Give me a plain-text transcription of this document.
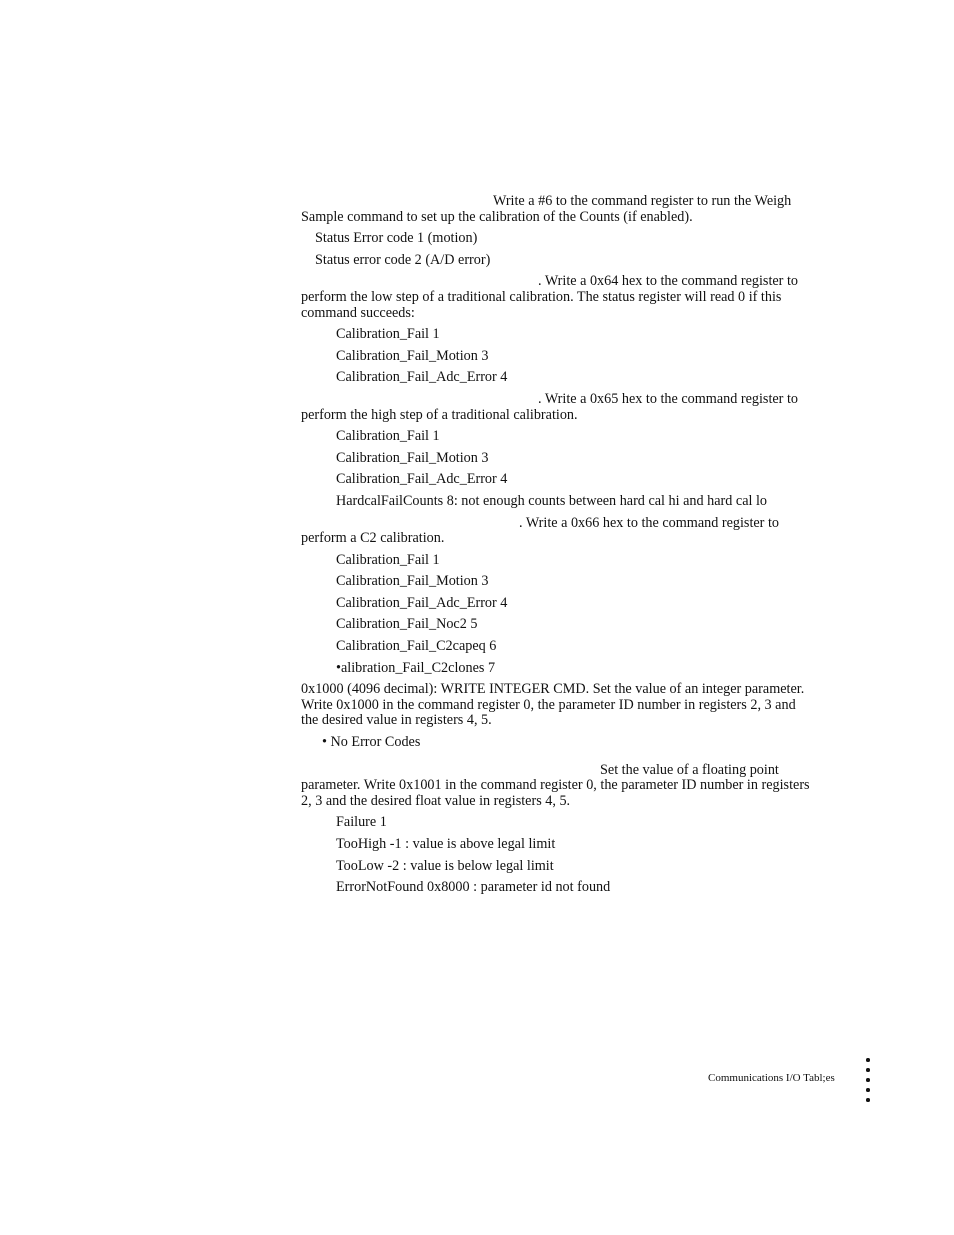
Write a #6 to the command register to run the Weigh
Sample command to set up the calibration of the Counts (if enabled).
Status Error code 1 (motion)
Status error code 2 (A/D error)
. Write a 0x64 hex to the command register to
perform the low step of a traditional calibration. The status register will read 0 if this command succeeds:
Calibration_Fail 1
Calibration_Fail_Motion 3
Calibration_Fail_Adc_Error 4
. Write a 0x65 hex to the command register to
perform the high step of a traditional calibration.
Calibration_Fail 1
Calibration_Fail_Motion 3
Calibration_Fail_Adc_Error 4
HardcalFailCounts 8: not enough counts between hard cal hi and hard cal lo
. Write a 0x66 hex to the command register to
perform a C2 calibration.
Calibration_Fail 1
Calibration_Fail_Motion 3
Calibration_Fail_Adc_Error 4
Calibration_Fail_Noc2 5
Calibration_Fail_C2capeq 6
•alibration_Fail_C2clones 7
0x1000 (4096 decimal): WRITE INTEGER CMD. Set the value of an integer parameter. Write 0x1000 in the command register 0, the parameter ID number in registers 2, 3 and the desired value in registers 4, 5.
• No Error Codes
Set the value of a floating point
parameter. Write 0x1001 in the command register 0, the parameter ID number in registers 2, 3 and the desired float value in registers 4, 5.
Failure 1
TooHigh -1 : value is above legal limit
TooLow -2 : value is below legal limit
ErrorNotFound 0x8000 : parameter id not found
Communications I/O Tabl;es
